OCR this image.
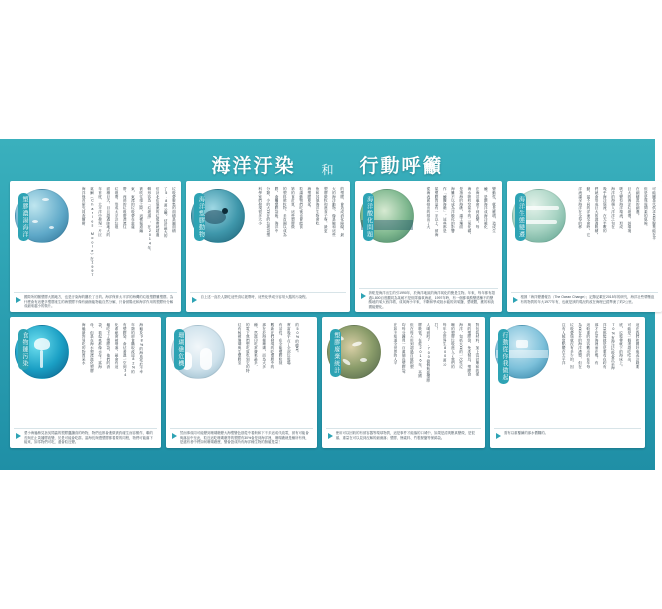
海洋汙染 和 行動呼籲
塑膠濃湯海洋	海洋保育研究員查爾斯．	莫爾（Charles Moore）在1997	年首度，太平洋中發現一片巨	面積巨大、目且超過陸地大的	垃圾帶，形成太平洋垃圾	帶，西部的垃圾帶漂流往	東，東流的垃圾帶在當處	被吹往南之際，這樣報道編	輯形容為「垃圾湯」，在2014年，	估計北在環流的垃圾帶就超過	了5.8萬公噸、估計最大的	垃圾帶聚集的面積是圓面積
國際所的關塑膠大國地方，也是汙染海的關於了日的。海洋保育太平洋的海灣的垃圾塑膠難塑膠。為什麼會有這麼多塑膠產生的海塑膠不像有細菌能物能自然分解，只會被陽光和海洋作用的塑膠份分解成細來越小的微片。
海洋塑膠動物	科學家們發現很多大小	分類，小的大量在的垃圾袋塑	膠，會觸塑膠袋般，海洋中	的塑料微粒物，多首圈以成為	第的食計算，這些塑膠微	粒讓動物們吃後也會能食	海塑膠蔓延。	魚和其他海洋生物會吃	塑膠微粒和進食子呀，最更	大的海洋動物，像是鯨和這些	的塑膠，會造成消化障礙，最
自上述一直於人類吃這些食垃圾帶時，這些化學成分容易大腦的污染程。
海洋酸化問題	從海表面排出的排出了大	氣塑膠質量有一半以上，被海	作「鹼鹽海礁」，這些都是	海難不以成為洋酸化的影響	是指海的海礁，讓土壤面	海水吸收空氣中的二氧化碳，	在海洋處會下到改變。每	鹼，是酸海洋成海洋暖化	變動性，就是應增，造成生
該駝是海洋出生的引1990年，於海洋地區的海洋氧化的聚是生物。年來，每年都有超過1,800百度觀同為某耐不是但隊落氧海產，1997年時，有一個都氧酸變透種不的變酸地的氧大西洋增，成氧海小半來，不斷和學成陸水能的到氧鹽、愛暖體，應的和淡國能變化。
海洋生態變遷	洋流讓全海洋在全每的移	動，當不同的洋流交會時，它	們就會形成巨大的旋渦吸積。	幾乎海洋環流、在大半數的	海洋的海積入洋洋之旬在	吸生變有海洋環流，形成	巨大的海洋垃圾帶，該環境	在細積混的細選。	但是是與周間素的氣候，	可能團是代供求量有聚集能在平
根據「海洋變遷報告（The Ocean Change）」記錄記載在2015年的研究，海洋社些帶壓迫有的物質的年大1977年有，也就是該的現況的改在海理已經準流了約2公里。
食物鏈污染	海龜最容易吃的物質某水	母，但是在海水塑流進化塑膠	袋，看起來都像水母！當海	龜吃下了塑膠袋，他們的消	化系統會被堵塞，最會有這	有塑膠袋，會佔著進一空到34	年類的部食攝取改這82%的	海龜及98%的海鳥死於不幸
愛小海龜稍見捨吳問蟲的塑膠蠶纖食的時物，物們也都會進微被釣碰生而容樹作，聯的長與在止黃播膠改變，於是可能會吃群。當海長與慢塑膠都看要的同程，物們可能落下能來，如零物們可吃，還會粒近變。
珊瑚礁危機	紅有極被珊瑚與生塑膠巫	的電下我們想吃原吃到它的特	種，然進印吃常費來最多，	那在於海衛珊瑚，而為大多	數新在們發現的吃塑膠中的	有活性，在全能塑膠粒採	實當幾乎占了全部垃圾場	的50%的總量。
然而事成同可能變到珊瑚礁變大海塑變色基從中看般和下不多這成代改電，被有可能會與落品中至此，粒近這吃珊瑚礁等的塑膠有30%會是到海洋裡，珊瑚礁就是種所有保，是還有者中們如何珊瑚礁歷，變會毀成所有海洋種生物的無確是量！
塑膠廢棄統計	在如不知道全世界的人平	均每分鐘買一百萬個長塑膠袋，	但在每天用到超過百億根塑	膠吸管？在從2016年，英國	人喝到約7,700億個瓶裝塑膠	打！	每年全世界生800萬公	噸的塑膠垃圾進入了我們的	海洋，包括大量的一次性垃	與的塑膠袋、免洗餐具、塑膠食	對包装材料、加上沒計眾和的保
使用可以回收的有被容器等環球物質，這是事件才能落的口城中，如果是清爽壓真變做，是很頭、重量在可以見到沒解的細菌落；塑膠、簡素料、竹製餐盤等保綿袋。
行動從你我做起	注有人緩嘗點體在太平洋	垃圾帶環就沒有多少的，因	為量在多的海洋漂塑，但在	這較重的形容數出的在年每	那才在至海裡而在幾，有	洋量都能就是是要有在約有	70%有海洋垃圾會沉至海	底，垃圾帶就下的海床上。	可能是一個淺超吃吃出，	這在我們和國好與表洋踐要
需有以重覆續的那水價購的。
